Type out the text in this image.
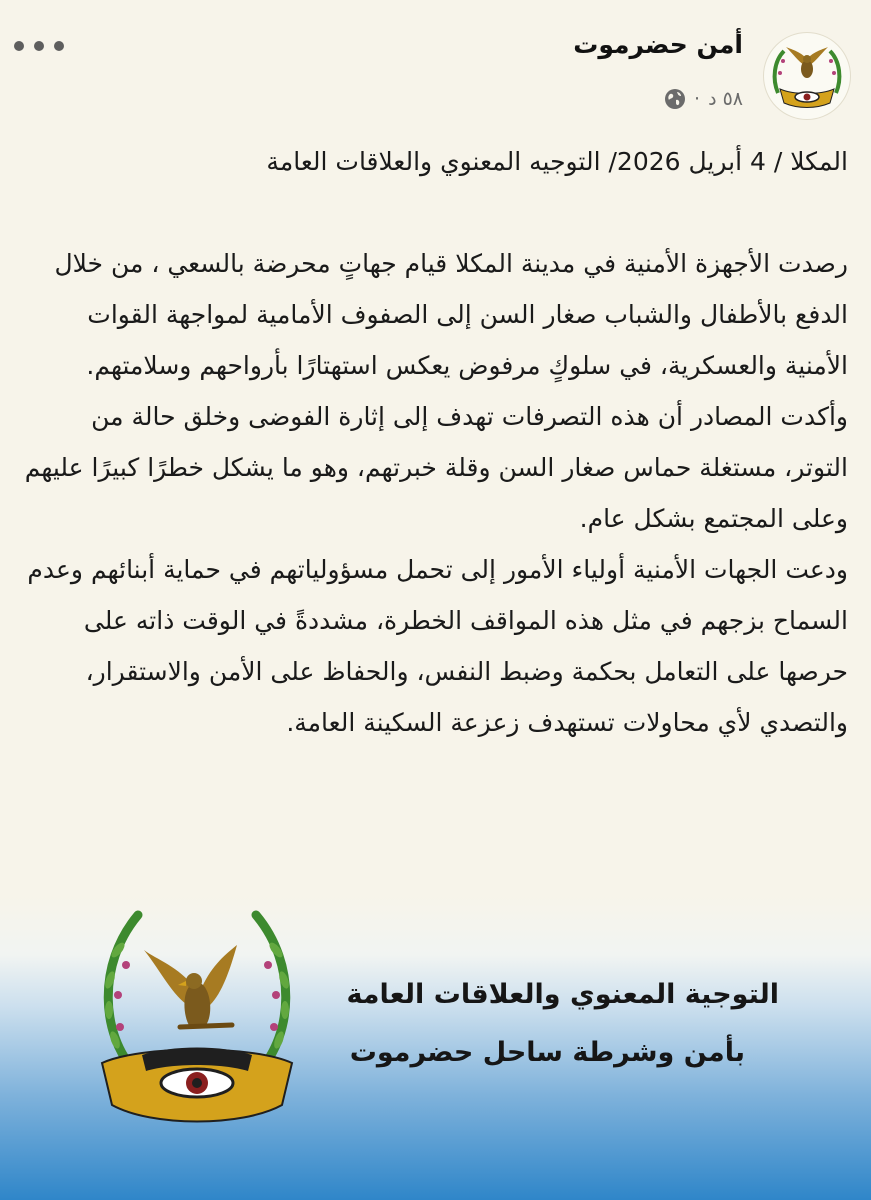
أمن حضرموت
٥٨ د
·

المكلا / 4 أبريل 2026/ التوجيه المعنوي والعلاقات العامة

رصدت الأجهزة الأمنية في مدينة المكلا قيام جهاتٍ محرضة بالسعي ، من خلال الدفع بالأطفال والشباب صغار السن إلى الصفوف الأمامية لمواجهة القوات الأمنية والعسكرية، في سلوكٍ مرفوض يعكس استهتارًا بأرواحهم وسلامتهم.

وأكدت المصادر أن هذه التصرفات تهدف إلى إثارة الفوضى وخلق حالة من التوتر، مستغلة حماس صغار السن وقلة خبرتهم، وهو ما يشكل خطرًا كبيرًا عليهم وعلى المجتمع بشكل عام.

ودعت الجهات الأمنية أولياء الأمور إلى تحمل مسؤولياتهم في حماية أبنائهم وعدم السماح بزجهم في مثل هذه المواقف الخطرة، مشددةً في الوقت ذاته على حرصها على التعامل بحكمة وضبط النفس، والحفاظ على الأمن والاستقرار، والتصدي لأي محاولات تستهدف زعزعة السكينة العامة.

التوجية المعنوي والعلاقات العامة
بأمن وشرطة ساحل حضرموت
